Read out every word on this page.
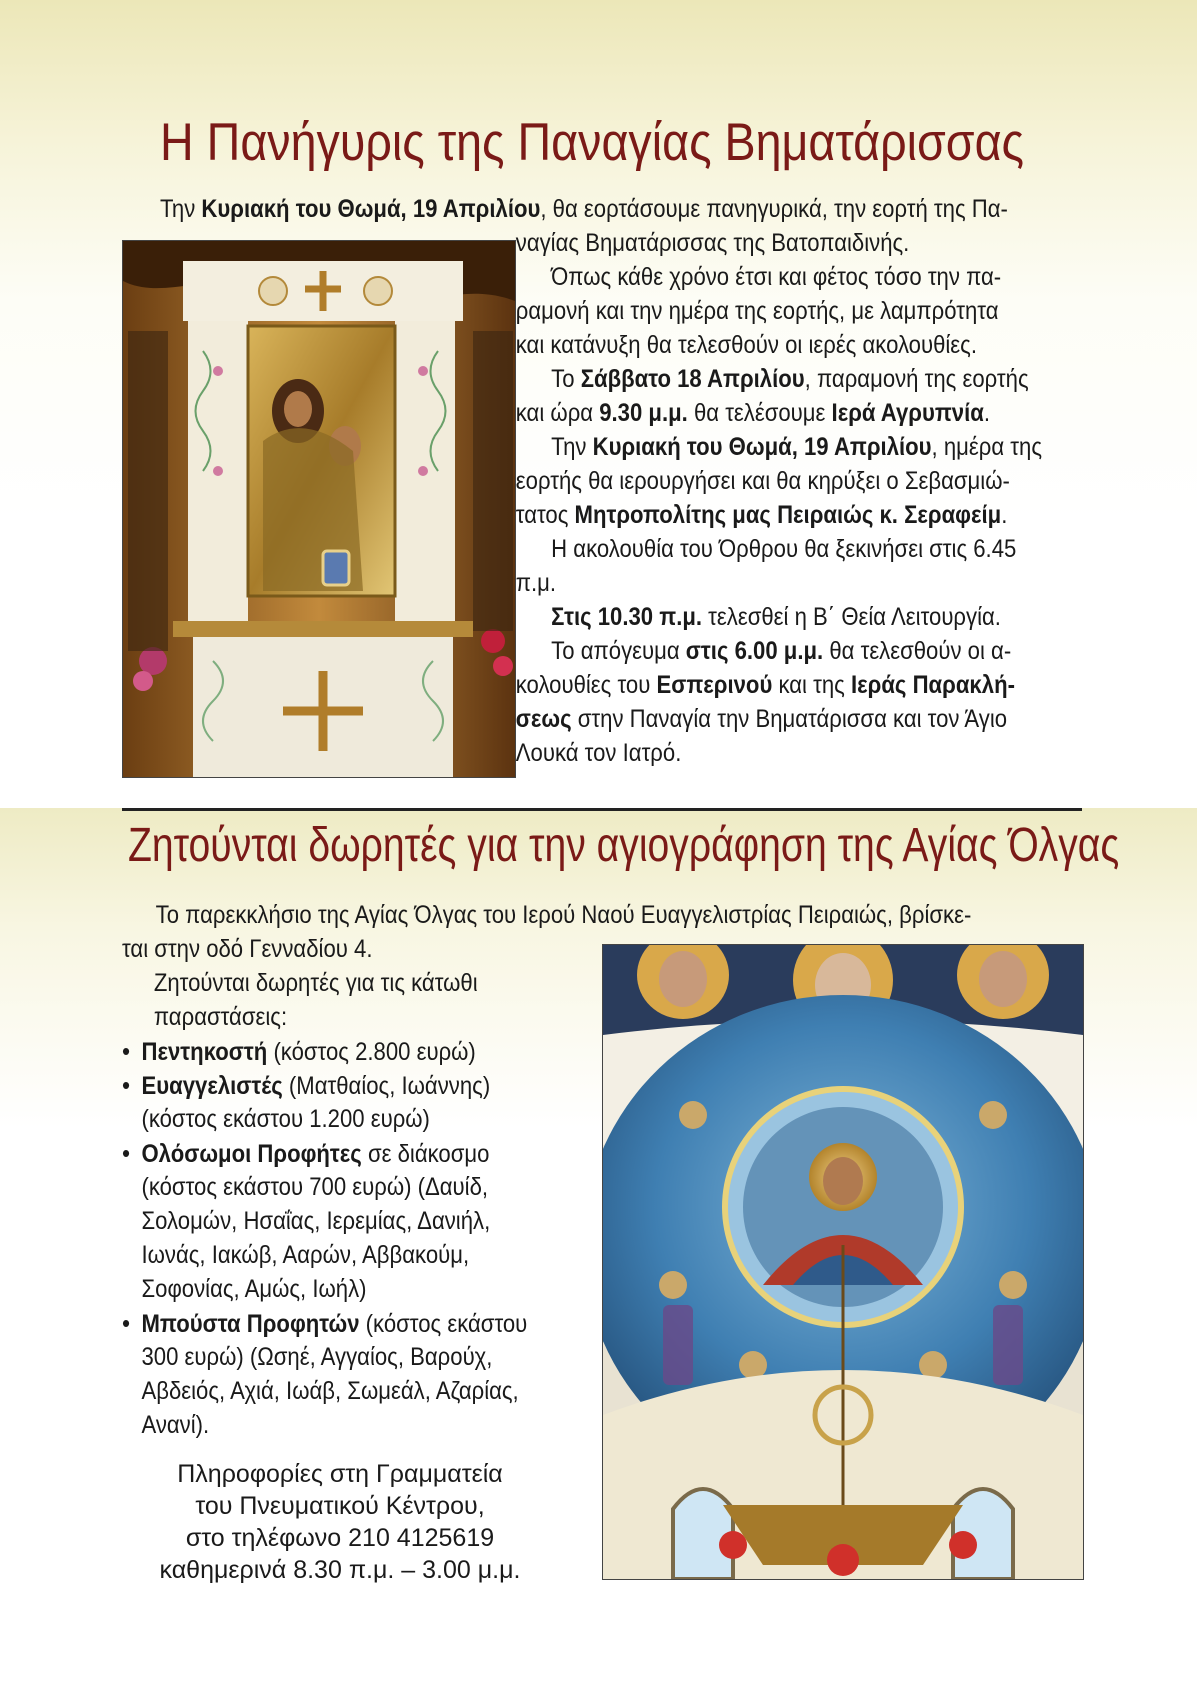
Η Πανήγυρις της Παναγίας Βηματάρισσας
Την Κυριακή του Θωμά, 19 Απριλίου, θα εορτάσουμε πανηγυρικά, την εορτή της Πα-
ναγίας Βηματάρισσας της Βατοπαιδινής.
Όπως κάθε χρόνο έτσι και φέτος τόσο την πα-
ραμονή και την ημέρα της εορτής, με λαμπρότητα
και κατάνυξη θα τελεσθούν οι ιερές ακολουθίες.
Το Σάββατο 18 Απριλίου, παραμονή της εορτής
και ώρα 9.30 μ.μ. θα τελέσουμε Ιερά Αγρυπνία.
Την Κυριακή του Θωμά, 19 Απριλίου, ημέρα της
εορτής θα ιερουργήσει και θα κηρύξει ο Σεβασμιώ-
τατος Μητροπολίτης μας Πειραιώς κ. Σεραφείμ.
Η ακολουθία του Όρθρου θα ξεκινήσει στις 6.45
π.μ.
Στις 10.30 π.μ. τελεσθεί η Β΄ Θεία Λειτουργία.
Το απόγευμα στις 6.00 μ.μ. θα τελεσθούν οι α-
κολουθίες του Εσπερινού και της Ιεράς Παρακλή-
σεως στην Παναγία την Βηματάρισσα και τον Άγιο
Λουκά τον Ιατρό.
Ζητούνται δωρητές για την αγιογράφηση της Αγίας Όλγας
Το παρεκκλήσιο της Αγίας Όλγας του Ιερού Ναού Ευαγγελιστρίας Πειραιώς, βρίσκε-
ται στην οδό Γενναδίου 4.
Ζητούνται δωρητές για τις κάτωθι
παραστάσεις:
• Πεντηκοστή (κόστος 2.800 ευρώ)
• Ευαγγελιστές (Ματθαίος, Ιωάννης)
(κόστος εκάστου 1.200 ευρώ)
• Ολόσωμοι Προφήτες σε διάκοσμο
(κόστος εκάστου 700 ευρώ) (Δαυίδ,
Σολομών, Ησαΐας, Ιερεμίας, Δανιήλ,
Ιωνάς, Ιακώβ, Ααρών, Αββακούμ,
Σοφονίας, Αμώς, Ιωήλ)
• Μπούστα Προφητών (κόστος εκάστου
300 ευρώ) (Ωσηέ, Αγγαίος, Βαρούχ,
Αβδειός, Αχιά, Ιωάβ, Σωμεάλ, Αζαρίας,
Ανανί).
Πληροφορίες στη Γραμματεία
του Πνευματικού Κέντρου,
στο τηλέφωνο 210 4125619
καθημερινά 8.30 π.μ. – 3.00 μ.μ.
